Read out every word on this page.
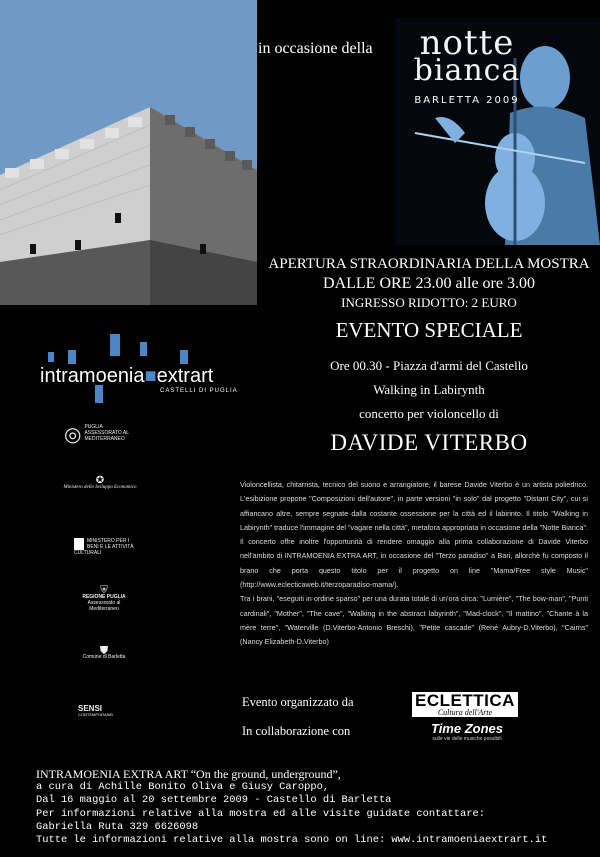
in occasione della	notte
bianca
BARLETTA 2009
APERTURA STRAORDINARIA DELLA MOSTRA
DALLE ORE 23.00 alle ore 3.00
INGRESSO RIDOTTO: 2 EURO
EVENTO SPECIALE
Ore 00.30 - Piazza d'armi del Castello
Walking in Labirynth
concerto per violoncello di
DAVIDE VITERBO

Violoncellista, chitarrista, tecnico del suono e arrangiatore, il barese Davide Viterbo è un artista poliedrico. L'esibizione propone "Composizioni dell'autore", in parte versioni "in solo" dal progetto "Distant City", cui si affiancano altre, sempre segnate dalla costante ossessione per la città ed il labirinto. Il titolo "Walking in Labirynth" traduce l'immagine del "vagare nella città", metafora appropriata in occasione della "Notte Bianca". Il concerto offre inoltre l'opportunità di rendere omaggio alla prima collaborazione di Davide Viterbo nell'ambito di INTRAMOENIA EXTRA ART, in occasione del "Terzo paradiso" a Bari, allorchè fu composto il brano che porta questo titolo per il progetto on line "Mama/Free style Music" (http://www.eclecticaweb.it/terzoparadiso-mama/).

Tra i brani, "eseguiti in ordine sparso" per una durata totale di un'ora circa: "Lumière", "The bow-man", "Punti cardinali", "Mother", "The cave", "Walking in the abstract labyrinth", "Mad-clock", "Il mattino", "Chante à la mère terre", "Waterville (D.Viterbo-Antonio Breschi), "Petite cascade" (René Aubry-D.Viterbo), "Cairns" (Nancy Elizabeth-D.Viterbo)

Evento organizzato da
In collaborazione con
ECLETTICA
Cultura dell'Arte
Time Zones
sulle vie delle musiche possibili
intramoenia■extrart
CASTELLI DI PUGLIA
◎ PUGLIA ASSESSORATO AL MEDITERRANEO
✪
Ministero dello Sviluppo Economico
MINISTERO PER I BENI E LE ATTIVITÀ CULTURALI
⛨
REGIONE PUGLIA
Assessorato al Mediterraneo
⛊
Comune di Barletta
SENSI
CONTEMPORANEI
INTRAMOENIA EXTRA ART “On the ground, underground”,
a cura di Achille Bonito Oliva e Giusy Caroppo,
Dal 16 maggio al 20 settembre 2009 - Castello di Barletta
Per informazioni relative alla mostra ed alle visite guidate contattare:
Gabriella Ruta 329 6626098
Tutte le informazioni relative alla mostra sono on line: www.intramoeniaextrart.it
